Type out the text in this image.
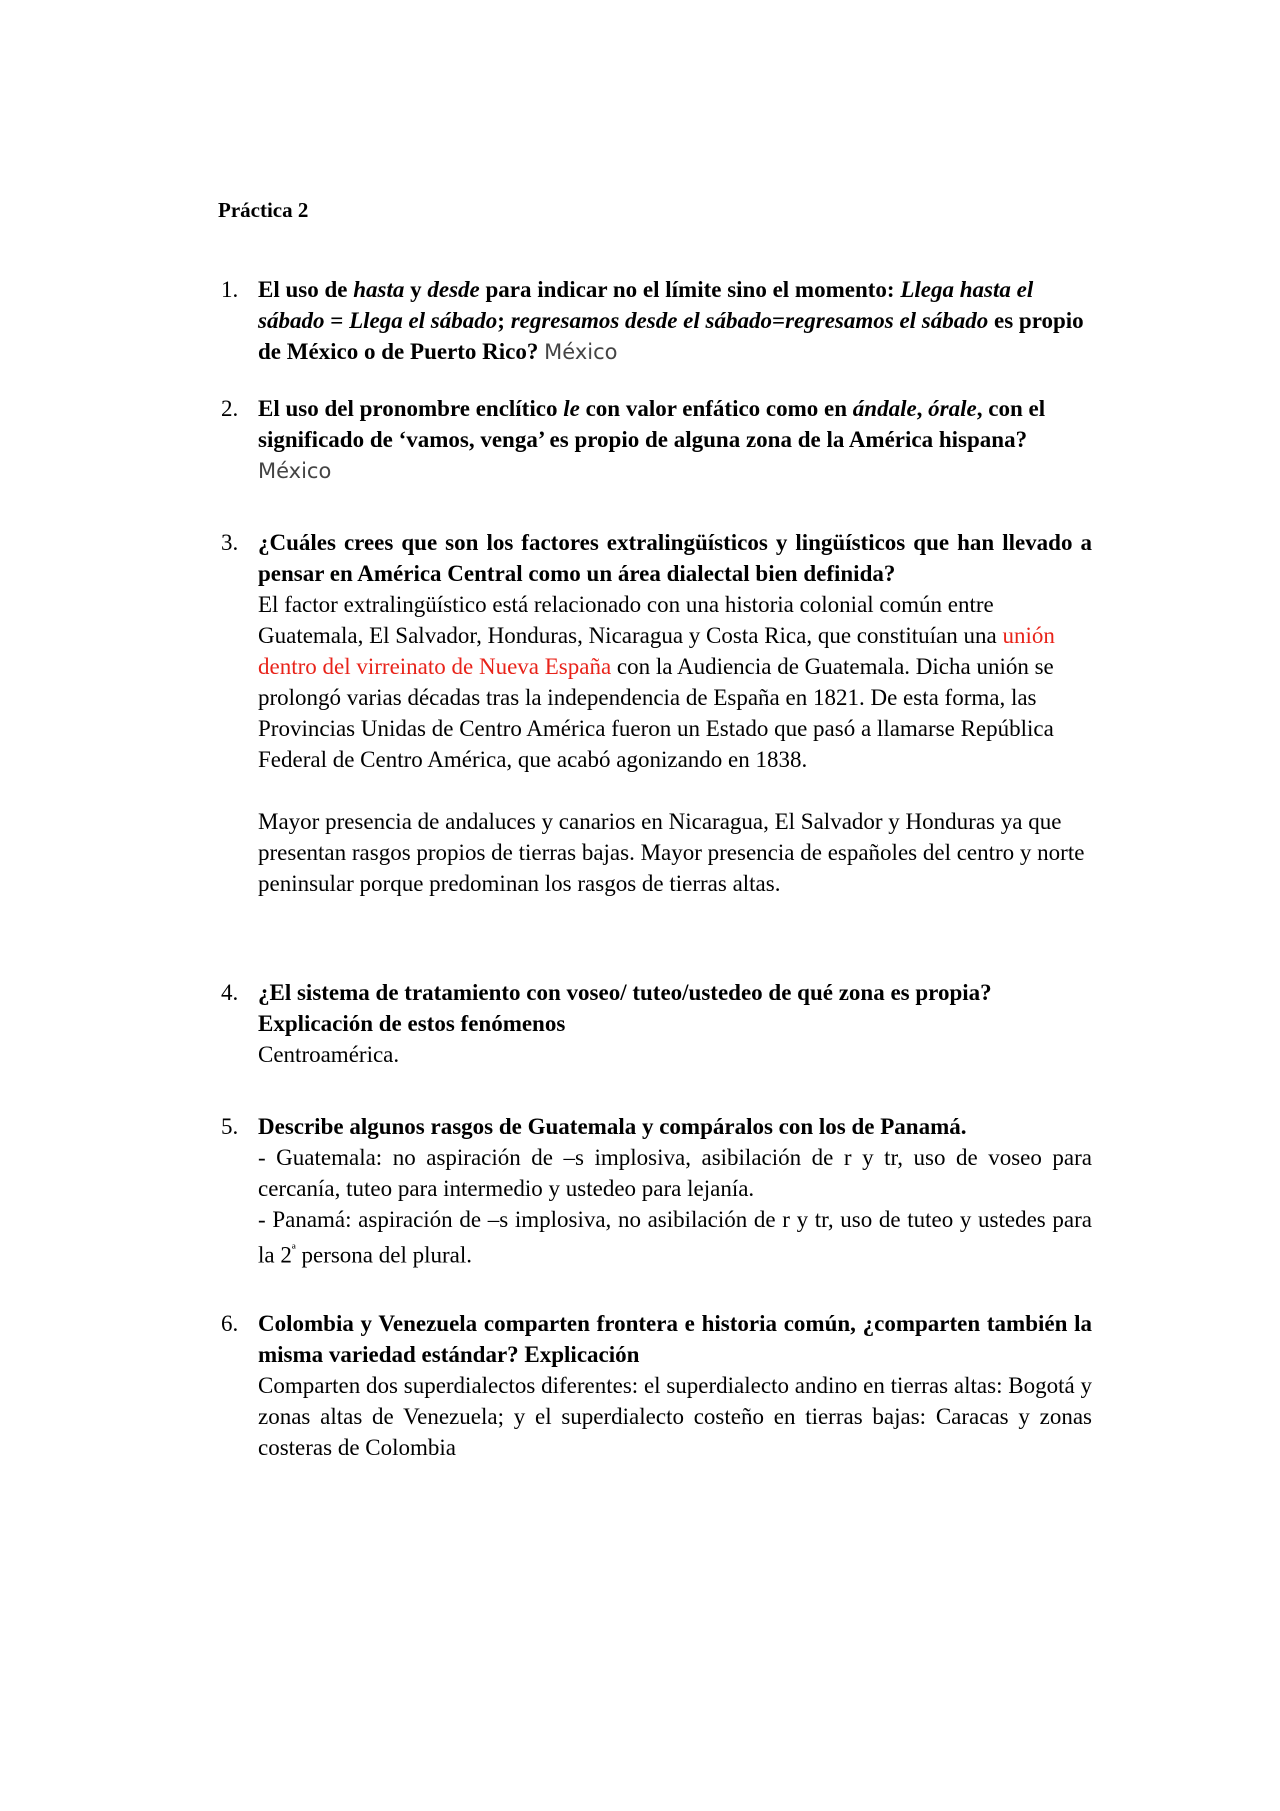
Práctica 2
1. El uso de hasta y desde para indicar no el límite sino el momento: Llega hasta el sábado = Llega el sábado; regresamos desde el sábado=regresamos el sábado es propio de México o de Puerto Rico? México

2. El uso del pronombre enclítico le con valor enfático como en ándale, órale, con el significado de ‘vamos, venga’ es propio de alguna zona de la América hispana? México

3. ¿Cuáles crees que son los factores extralingüísticos y lingüísticos que han llevado a pensar en América Central como un área dialectal bien definida?

El factor extralingüístico está relacionado con una historia colonial común entre Guatemala, El Salvador, Honduras, Nicaragua y Costa Rica, que constituían una unión dentro del virreinato de Nueva España con la Audiencia de Guatemala. Dicha unión se prolongó varias décadas tras la independencia de España en 1821. De esta forma, las Provincias Unidas de Centro América fueron un Estado que pasó a llamarse República Federal de Centro América, que acabó agonizando en 1838.

Mayor presencia de andaluces y canarios en Nicaragua, El Salvador y Honduras ya que presentan rasgos propios de tierras bajas. Mayor presencia de españoles del centro y norte peninsular porque predominan los rasgos de tierras altas.

4. ¿El sistema de tratamiento con voseo/ tuteo/ustedeo de qué zona es propia? Explicación de estos fenómenos

Centroamérica.

5. Describe algunos rasgos de Guatemala y compáralos con los de Panamá.

- Guatemala: no aspiración de –s implosiva, asibilación de r y tr, uso de voseo para cercanía, tuteo para intermedio y ustedeo para lejanía.

- Panamá: aspiración de –s implosiva, no asibilación de r y tr, uso de tuteo y ustedes para la $2^ª$ persona del plural.

6. Colombia y Venezuela comparten frontera e historia común, ¿comparten también la misma variedad estándar? Explicación

Comparten dos superdialectos diferentes: el superdialecto andino en tierras altas: Bogotá y zonas altas de Venezuela; y el superdialecto costeño en tierras bajas: Caracas y zonas costeras de Colombia
